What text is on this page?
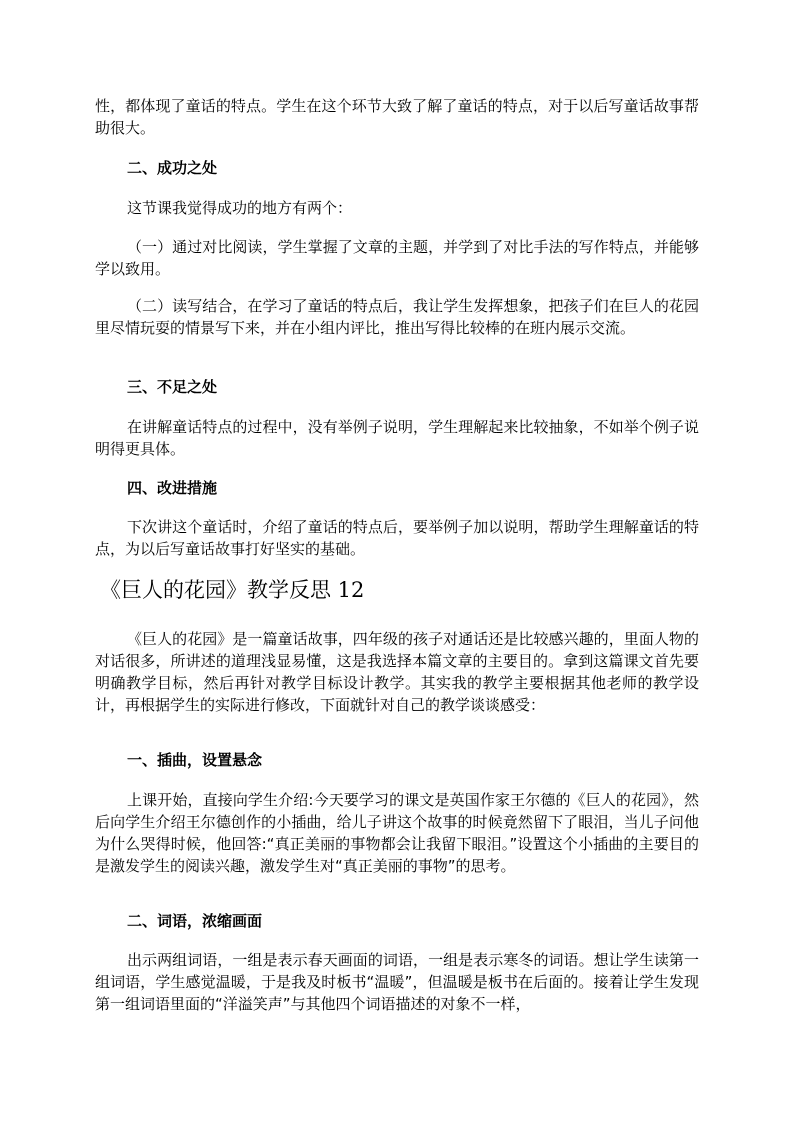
性，都体现了童话的特点。学生在这个环节大致了解了童话的特点，对于以后写童话故事帮助很大。
二、成功之处
这节课我觉得成功的地方有两个：
（一）通过对比阅读，学生掌握了文章的主题，并学到了对比手法的写作特点，并能够学以致用。
（二）读写结合，在学习了童话的特点后，我让学生发挥想象，把孩子们在巨人的花园里尽情玩耍的情景写下来，并在小组内评比，推出写得比较棒的在班内展示交流。
三、不足之处
在讲解童话特点的过程中，没有举例子说明，学生理解起来比较抽象，不如举个例子说明得更具体。
四、改进措施
下次讲这个童话时，介绍了童话的特点后，要举例子加以说明，帮助学生理解童话的特点，为以后写童话故事打好坚实的基础。
《巨人的花园》教学反思 12
《巨人的花园》是一篇童话故事，四年级的孩子对通话还是比较感兴趣的，里面人物的对话很多，所讲述的道理浅显易懂，这是我选择本篇文章的主要目的。拿到这篇课文首先要明确教学目标，然后再针对教学目标设计教学。其实我的教学主要根据其他老师的教学设计，再根据学生的实际进行修改，下面就针对自己的教学谈谈感受：
一、插曲，设置悬念
上课开始，直接向学生介绍:今天要学习的课文是英国作家王尔德的《巨人的花园》，然后向学生介绍王尔德创作的小插曲，给儿子讲这个故事的时候竟然留下了眼泪，当儿子问他为什么哭得时候，他回答:“真正美丽的事物都会让我留下眼泪。”设置这个小插曲的主要目的是激发学生的阅读兴趣，激发学生对“真正美丽的事物”的思考。
二、词语，浓缩画面
出示两组词语，一组是表示春天画面的词语，一组是表示寒冬的词语。想让学生读第一组词语，学生感觉温暖，于是我及时板书“温暖”，但温暖是板书在后面的。接着让学生发现第一组词语里面的“洋溢笑声”与其他四个词语描述的对象不一样，
